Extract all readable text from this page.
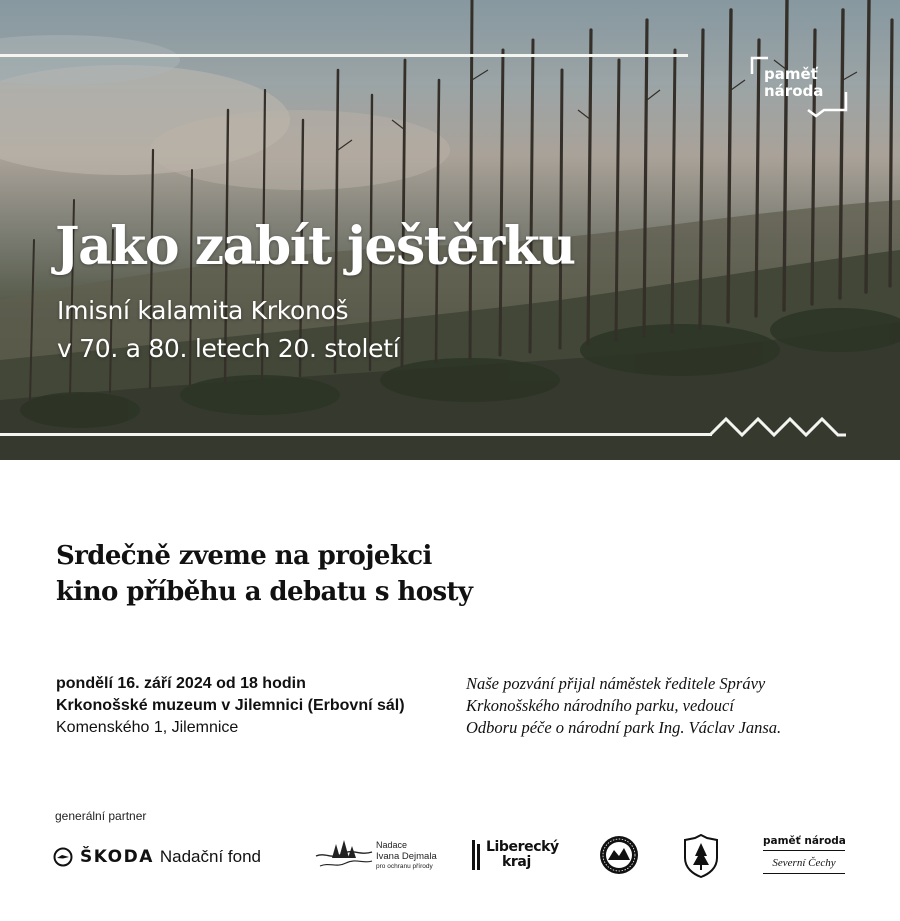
paměť
národa
Jako zabít ještěrku
Imisní kalamita Krkonoš
v 70. a 80. letech 20. století
Srdečně zveme na projekci
kino příběhu a debatu s hosty
pondělí 16. září 2024 od 18 hodin
Krkonošské muzeum v Jilemnici (Erbovní sál)
Komenského 1, Jilemnice
Naše pozvání přijal náměstek ředitele Správy
Krkonošského národního parku, vedoucí
Odboru péče o národní park Ing. Václav Jansa.
generální partner
ŠKODA Nadační fond
Nadace
Ivana Dejmala
pro ochranu přírody
Liberecký
kraj
paměť národa
Severní Čechy
